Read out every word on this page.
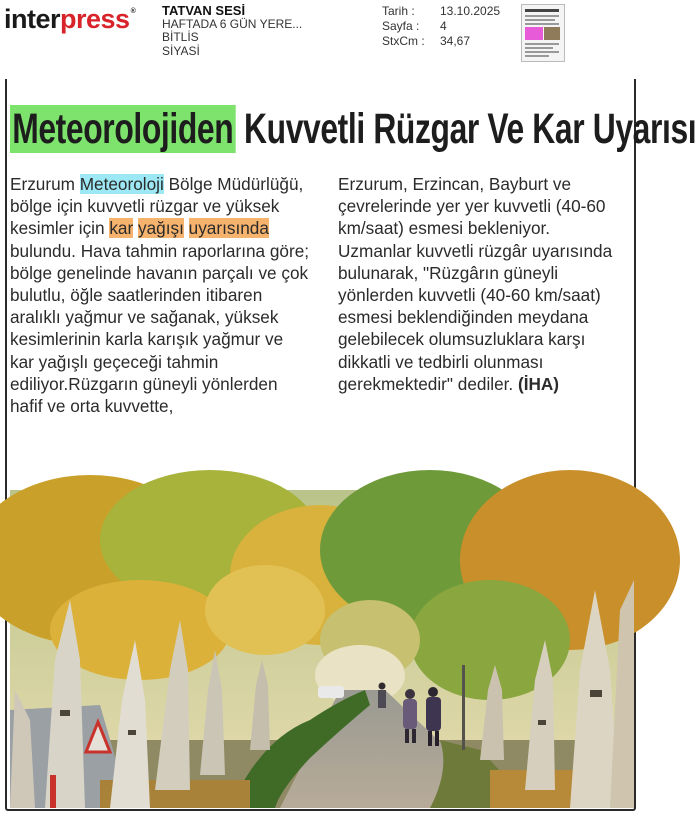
interpress® TATVAN SESİ
HAFTADA 6 GÜN YERE...
BİTLİS
SİYASİ
Tarih :	13.10.2025
Sayfa :	4
StxCm :	34,67
Meteorolojiden Kuvvetli Rüzgar Ve Kar Uyarısı

Erzurum Meteoroloji Bölge Müdürlüğü, bölge için kuvvetli rüzgar ve yüksek kesimler için kar yağışı uyarısında bulundu. Hava tahmin raporlarına göre; bölge genelinde havanın parçalı ve çok bulutlu, öğle saatlerinden itibaren aralıklı yağmur ve sağanak, yüksek kesimlerinin karla karışık yağmur ve kar yağışlı geçeceği tahmin ediliyor.Rüzgarın güneyli yönlerden hafif ve orta kuvvette,

Erzurum, Erzincan, Bayburt ve çevrelerinde yer yer kuvvetli (40-60 km/saat) esmesi bekleniyor.

Uzmanlar kuvvetli rüzgâr uyarısında bulunarak, "Rüzgârın güneyli yönlerden kuvvetli (40-60 km/saat) esmesi beklendiğinden meydana gelebilecek olumsuzluklara karşı dikkatli ve tedbirli olunması gerekmektedir" dediler. (İHA)
